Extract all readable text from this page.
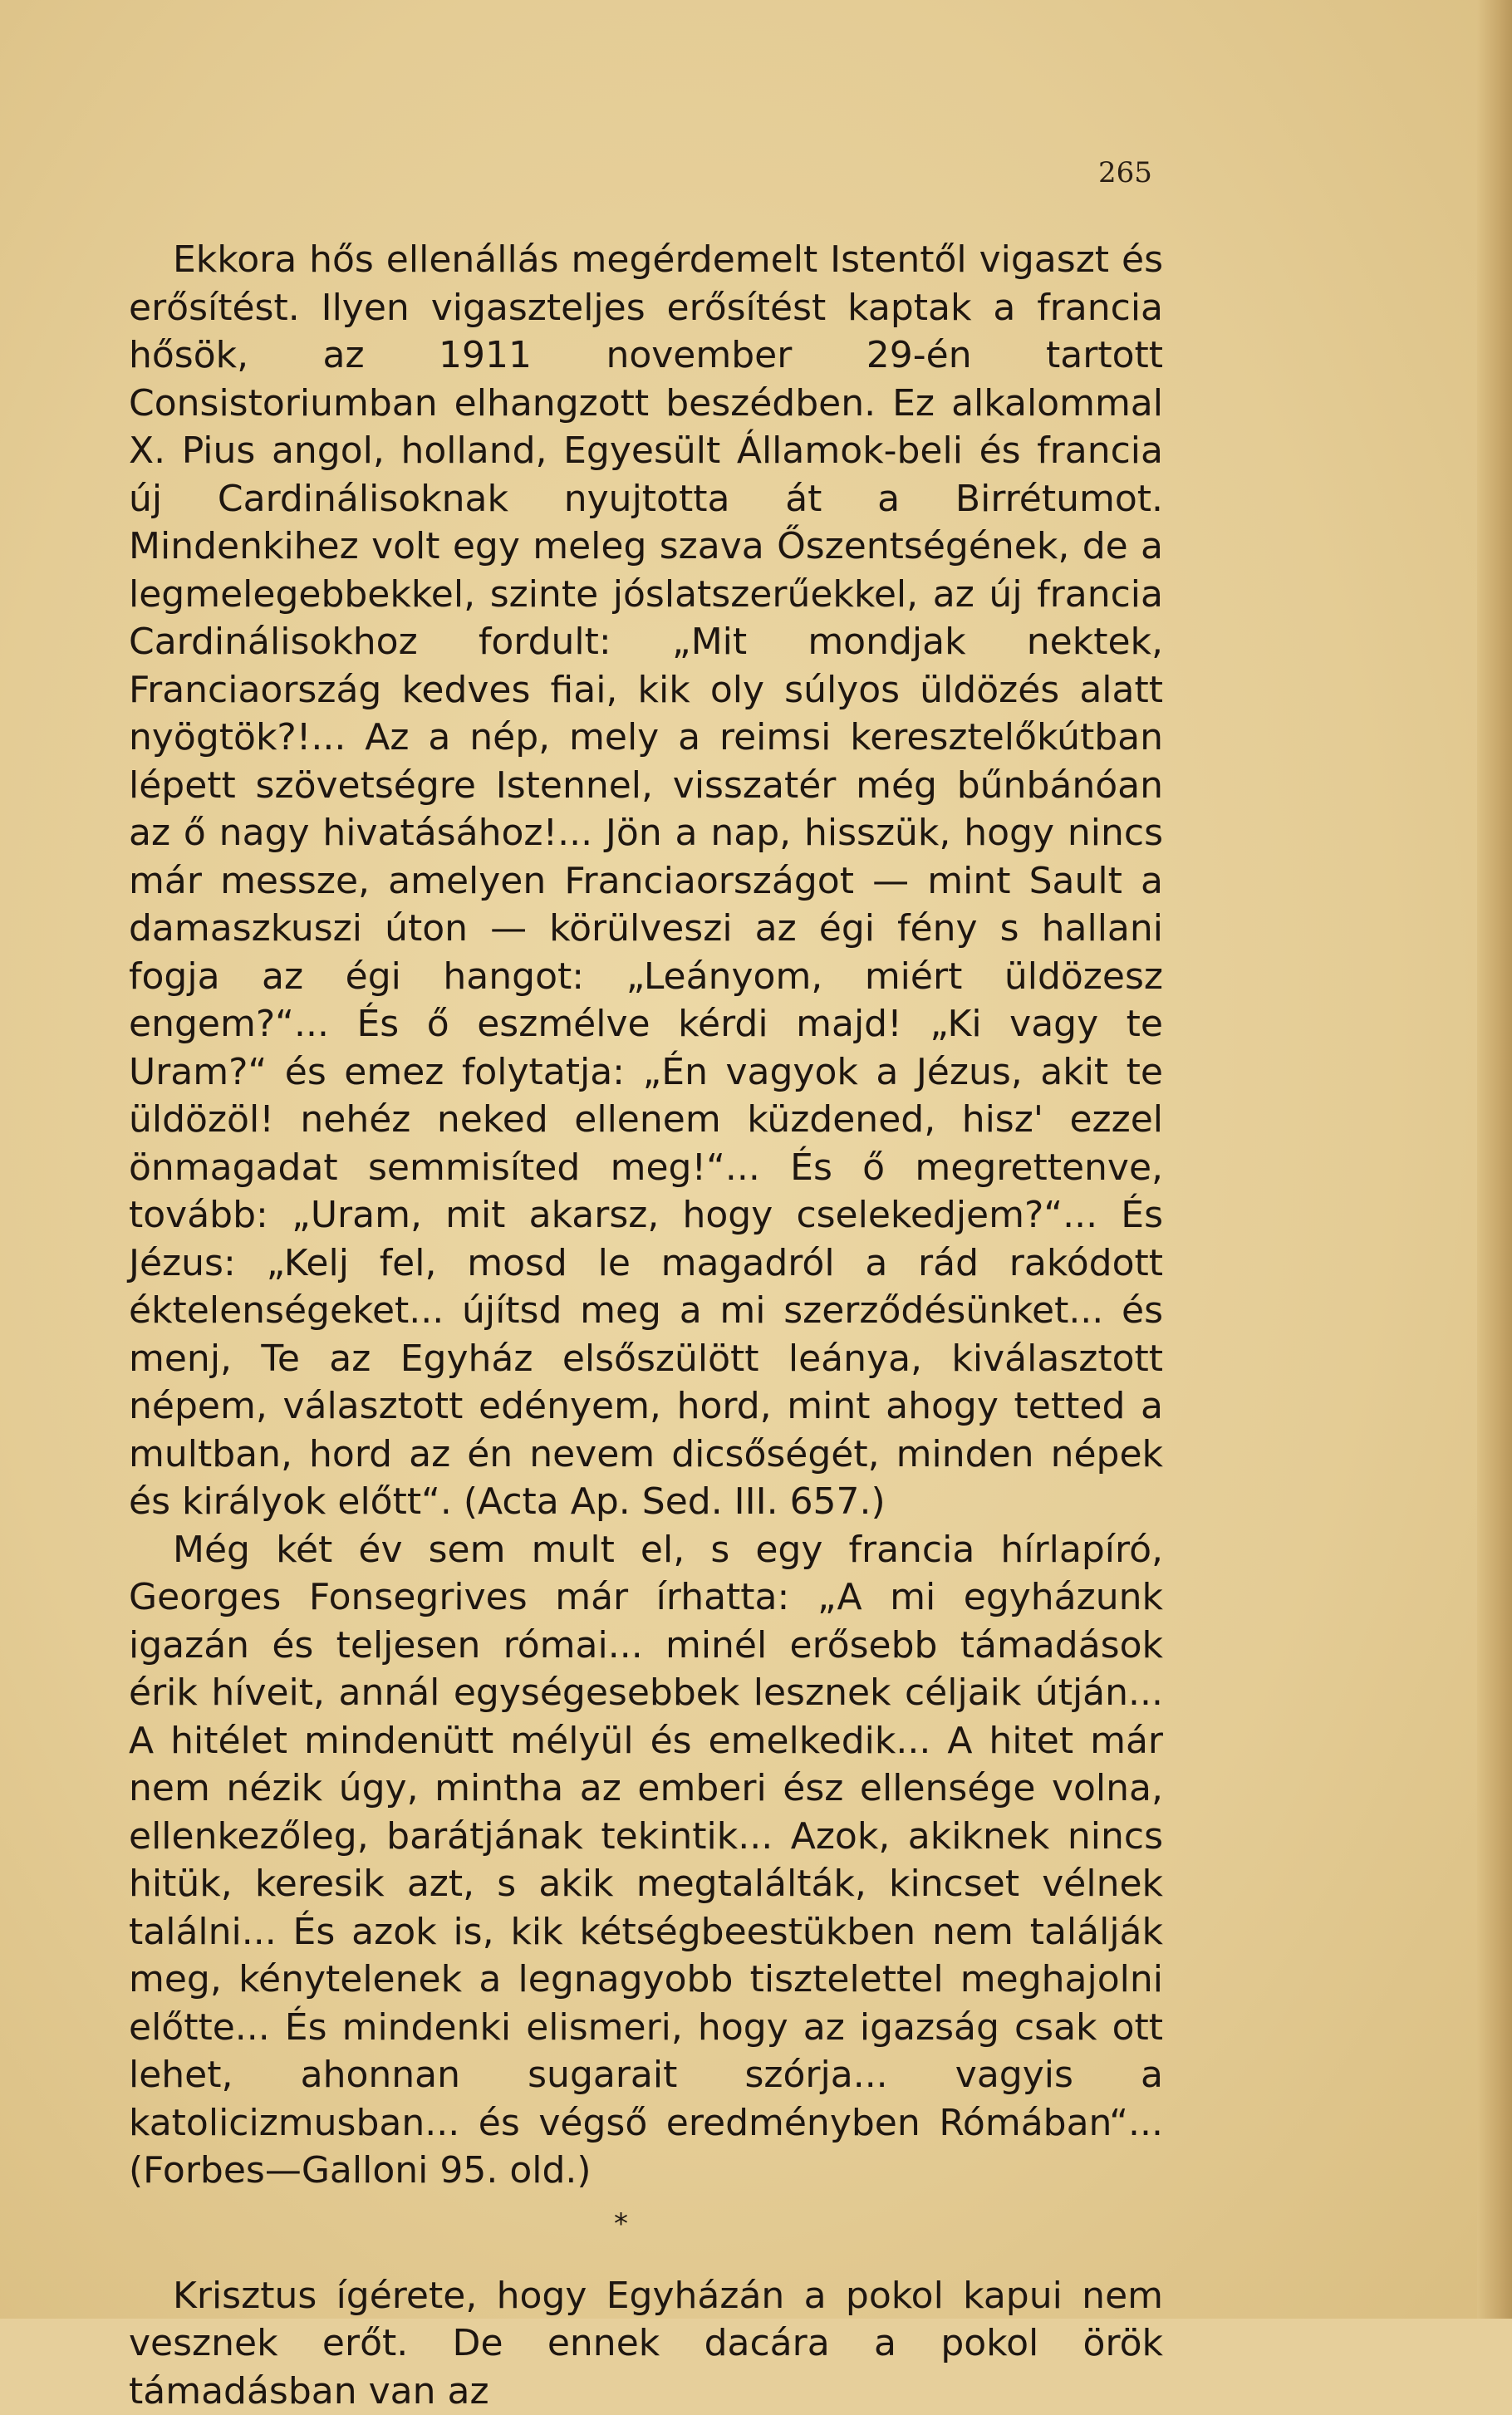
265

Ekkora hős ellenállás megérdemelt Istentől vigaszt és erősítést. Ilyen vigaszteljes erősítést kaptak a francia hősök, az 1911 november 29-én tartott Consistoriumban elhangzott beszédben. Ez alkalommal X. Pius angol, holland, Egyesült Államok-beli és francia új Cardinálisoknak nyujtotta át a Birrétumot. Mindenkihez volt egy meleg szava Őszentségének, de a legmelegebbekkel, szinte jóslatszerűekkel, az új francia Cardinálisokhoz fordult: „Mit mondjak nektek, Franciaország kedves fiai, kik oly súlyos üldözés alatt nyögtök?!... Az a nép, mely a reimsi keresztelőkútban lépett szövetségre Istennel, visszatér még bűnbánóan az ő nagy hivatásához!... Jön a nap, hisszük, hogy nincs már messze, amelyen Franciaországot — mint Sault a damaszkuszi úton — körülveszi az égi fény s hallani fogja az égi hangot: „Leányom, miért üldözesz engem?“... És ő eszmélve kérdi majd! „Ki vagy te Uram?“ és emez folytatja: „Én vagyok a Jézus, akit te üldözöl! nehéz neked ellenem küzdened, hisz' ezzel önmagadat semmisíted meg!“... És ő megrettenve, tovább: „Uram, mit akarsz, hogy cselekedjem?“... És Jézus: „Kelj fel, mosd le magadról a rád rakódott éktelenségeket... újítsd meg a mi szerződésünket... és menj, Te az Egyház elsőszülött leánya, kiválasztott népem, választott edényem, hord, mint ahogy tetted a multban, hord az én nevem dicsőségét, minden népek és királyok előtt“. (Acta Ap. Sed. III. 657.)

Még két év sem mult el, s egy francia hírlapíró, Georges Fonsegrives már írhatta: „A mi egyházunk igazán és teljesen római... minél erősebb támadások érik híveit, annál egységesebbek lesznek céljaik útján... A hitélet mindenütt mélyül és emelkedik... A hitet már nem nézik úgy, mintha az emberi ész ellensége volna, ellenkezőleg, barátjának tekintik... Azok, akiknek nincs hitük, keresik azt, s akik megtalálták, kincset vélnek találni... És azok is, kik kétségbeestükben nem találják meg, kénytelenek a legnagyobb tisztelettel meghajolni előtte... És mindenki elismeri, hogy az igazság csak ott lehet, ahonnan sugarait szórja... vagyis a katolicizmusban... és végső eredményben Rómában“... (Forbes—Galloni 95. old.)

*

Krisztus ígérete, hogy Egyházán a pokol kapui nem vesznek erőt. De ennek dacára a pokol örök támadásban van az
